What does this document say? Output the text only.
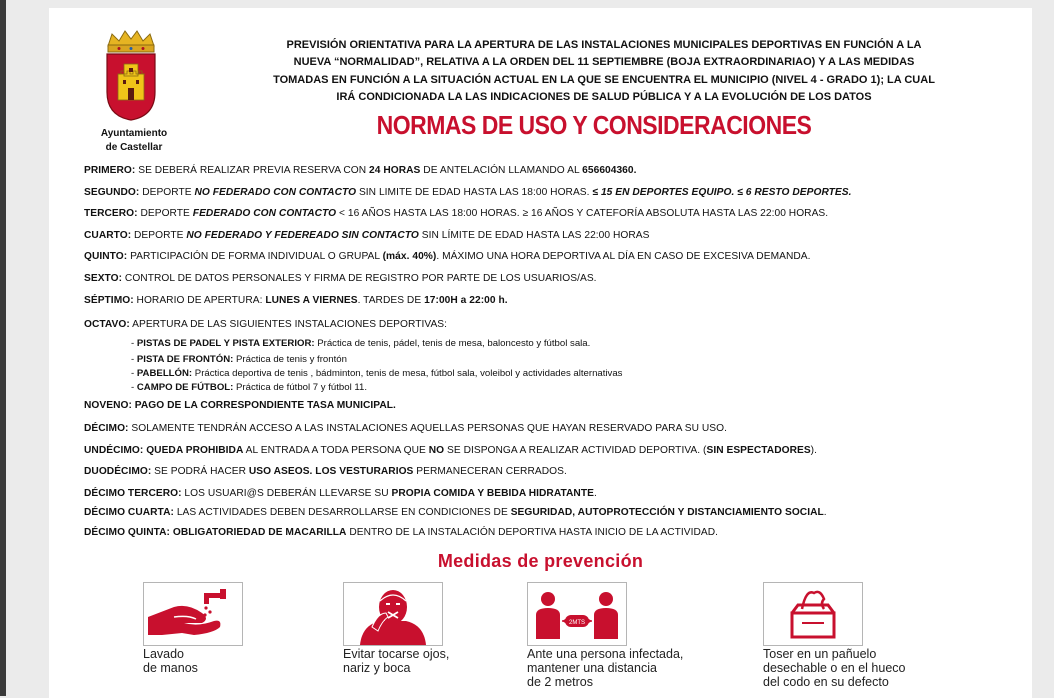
Ayuntamiento
de Castellar
PREVISIÓN ORIENTATIVA PARA LA APERTURA DE LAS INSTALACIONES MUNICIPALES DEPORTIVAS EN FUNCIÓN A LA
NUEVA “NORMALIDAD”, RELATIVA A LA ORDEN DEL 11 SEPTIEMBRE (BOJA EXTRAORDINARIAO) Y A LAS MEDIDAS
TOMADAS EN FUNCIÓN A LA SITUACIÓN ACTUAL EN LA QUE SE ENCUENTRA EL MUNICIPIO (NIVEL 4 - GRADO 1); LA CUAL
IRÁ CONDICIONADA LA LAS INDICACIONES DE SALUD PÚBLICA Y A LA EVOLUCIÓN DE LOS DATOS
NORMAS DE USO Y CONSIDERACIONES
PRIMERO: SE DEBERÁ REALIZAR PREVIA RESERVA CON 24 HORAS DE ANTELACIÓN LLAMANDO AL 656604360.
SEGUNDO: DEPORTE NO FEDERADO CON CONTACTO SIN LIMITE DE EDAD HASTA LAS 18:00 HORAS. ≤ 15 EN DEPORTES EQUIPO. ≤ 6 RESTO DEPORTES.
TERCERO: DEPORTE FEDERADO CON CONTACTO < 16 AÑOS HASTA LAS 18:00 HORAS. ≥ 16 AÑOS Y CATEFORÍA ABSOLUTA HASTA LAS 22:00 HORAS.
CUARTO: DEPORTE NO FEDERADO Y FEDEREADO SIN CONTACTO SIN LÍMITE DE EDAD HASTA LAS 22:00 HORAS
QUINTO: PARTICIPACIÓN DE FORMA INDIVIDUAL O GRUPAL (máx. 40%). MÁXIMO UNA HORA DEPORTIVA AL DÍA EN CASO DE EXCESIVA DEMANDA.
SEXTO: CONTROL DE DATOS PERSONALES Y FIRMA DE REGISTRO POR PARTE DE LOS USUARIOS/AS.
SÉPTIMO: HORARIO DE APERTURA: LUNES A VIERNES. TARDES DE 17:00H a 22:00 h.
OCTAVO: APERTURA DE LAS SIGUIENTES INSTALACIONES DEPORTIVAS:
- PISTAS DE PADEL Y PISTA EXTERIOR: Práctica de tenis, pádel, tenis de mesa, baloncesto y fútbol sala.
- PISTA DE FRONTÓN: Práctica de tenis y frontón
- PABELLÓN: Práctica deportiva de tenis , bádminton, tenis de mesa, fútbol sala, voleibol y actividades alternativas
- CAMPO DE FÚTBOL: Práctica de fútbol 7 y fútbol 11.
NOVENO: PAGO DE LA CORRESPONDIENTE TASA MUNICIPAL.
DÉCIMO: SOLAMENTE TENDRÁN ACCESO A LAS INSTALACIONES AQUELLAS PERSONAS QUE HAYAN RESERVADO PARA SU USO.
UNDÉCIMO: QUEDA PROHIBIDA AL ENTRADA A TODA PERSONA QUE NO SE DISPONGA A REALIZAR ACTIVIDAD DEPORTIVA. (SIN ESPECTADORES).
DUODÉCIMO: SE PODRÁ HACER USO ASEOS. LOS VESTURARIOS PERMANECERAN CERRADOS.
DÉCIMO TERCERO: LOS USUARI@S DEBERÁN LLEVARSE SU PROPIA COMIDA Y BEBIDA HIDRATANTE.
DÉCIMO CUARTA: LAS ACTIVIDADES DEBEN DESARROLLARSE EN CONDICIONES DE SEGURIDAD, AUTOPROTECCIÓN Y DISTANCIAMIENTO SOCIAL.
DÉCIMO QUINTA: OBLIGATORIEDAD DE MACARILLA DENTRO DE LA INSTALACIÓN DEPORTIVA HASTA INICIO DE LA ACTIVIDAD.
Medidas de prevención
Lavado
de manos
Evitar tocarse ojos,
nariz y boca
2MTS
Ante una persona infectada,
mantener una distancia
de 2 metros
Toser en un pañuelo
desechable o en el hueco
del codo en su defecto
